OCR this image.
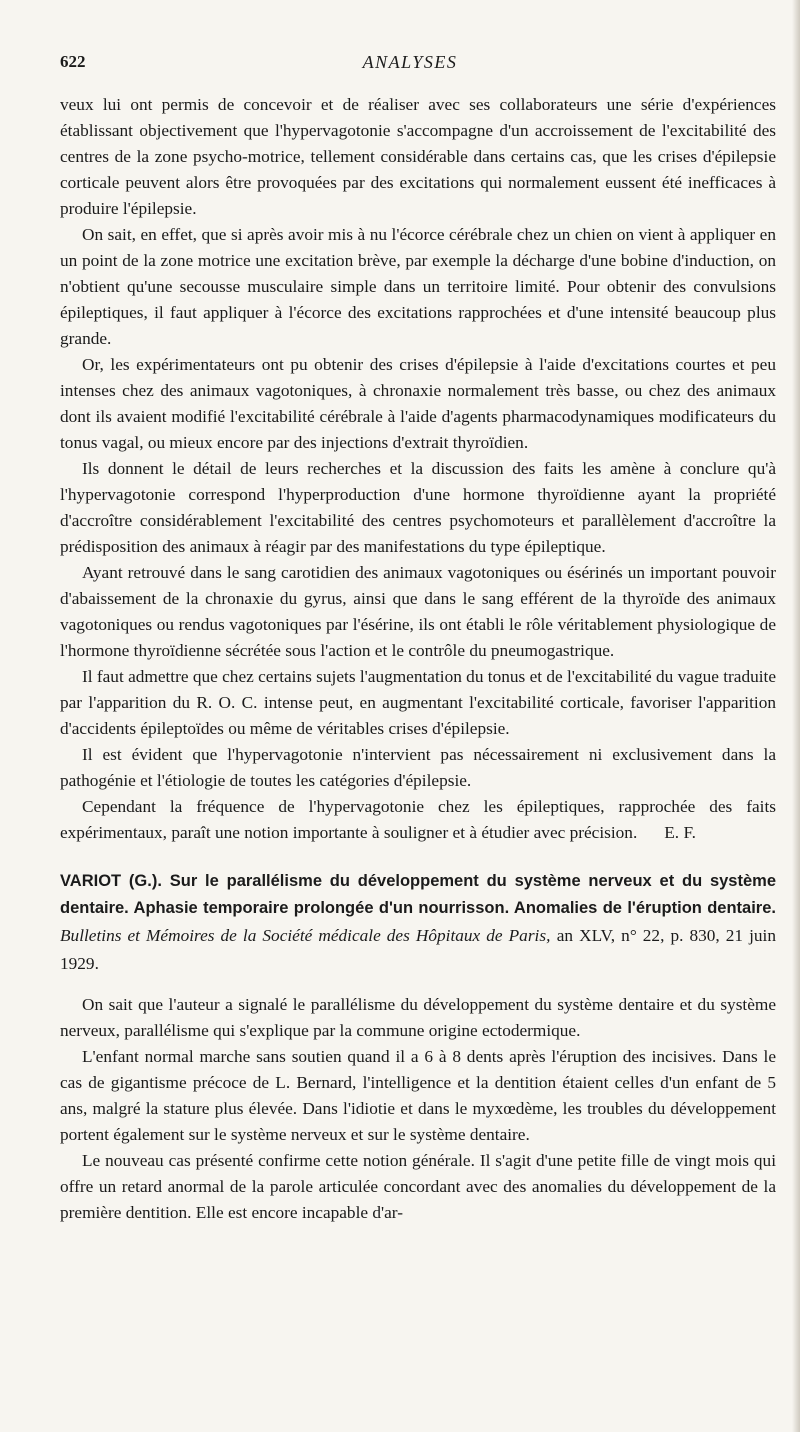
622	ANALYSES

veux lui ont permis de concevoir et de réaliser avec ses collaborateurs une série d'expériences établissant objectivement que l'hypervagotonie s'accompagne d'un accroissement de l'excitabilité des centres de la zone psycho-motrice, tellement considérable dans certains cas, que les crises d'épilepsie corticale peuvent alors être provoquées par des excitations qui normalement eussent été inefficaces à produire l'épilepsie.

On sait, en effet, que si après avoir mis à nu l'écorce cérébrale chez un chien on vient à appliquer en un point de la zone motrice une excitation brève, par exemple la décharge d'une bobine d'induction, on n'obtient qu'une secousse musculaire simple dans un territoire limité. Pour obtenir des convulsions épileptiques, il faut appliquer à l'écorce des excitations rapprochées et d'une intensité beaucoup plus grande.

Or, les expérimentateurs ont pu obtenir des crises d'épilepsie à l'aide d'excitations courtes et peu intenses chez des animaux vagotoniques, à chronaxie normalement très basse, ou chez des animaux dont ils avaient modifié l'excitabilité cérébrale à l'aide d'agents pharmacodynamiques modificateurs du tonus vagal, ou mieux encore par des injections d'extrait thyroïdien.

Ils donnent le détail de leurs recherches et la discussion des faits les amène à conclure qu'à l'hypervagotonie correspond l'hyperproduction d'une hormone thyroïdienne ayant la propriété d'accroître considérablement l'excitabilité des centres psychomoteurs et parallèlement d'accroître la prédisposition des animaux à réagir par des manifestations du type épileptique.

Ayant retrouvé dans le sang carotidien des animaux vagotoniques ou ésérinés un important pouvoir d'abaissement de la chronaxie du gyrus, ainsi que dans le sang efférent de la thyroïde des animaux vagotoniques ou rendus vagotoniques par l'ésérine, ils ont établi le rôle véritablement physiologique de l'hormone thyroïdienne sécrétée sous l'action et le contrôle du pneumogastrique.

Il faut admettre que chez certains sujets l'augmentation du tonus et de l'excitabilité du vague traduite par l'apparition du R. O. C. intense peut, en augmentant l'excitabilité corticale, favoriser l'apparition d'accidents épileptoïdes ou même de véritables crises d'épilepsie.

Il est évident que l'hypervagotonie n'intervient pas nécessairement ni exclusivement dans la pathogénie et l'étiologie de toutes les catégories d'épilepsie.

Cependant la fréquence de l'hypervagotonie chez les épileptiques, rapprochée des faits expérimentaux, paraît une notion importante à souligner et à étudier avec précision.	E. F.
VARIOT (G.). Sur le parallélisme du développement du système nerveux et du système dentaire. Aphasie temporaire prolongée d'un nourrisson. Anomalies de l'éruption dentaire. Bulletins et Mémoires de la Société médicale des Hôpitaux de Paris, an XLV, n° 22, p. 830, 21 juin 1929.

On sait que l'auteur a signalé le parallélisme du développement du système dentaire et du système nerveux, parallélisme qui s'explique par la commune origine ectodermique.

L'enfant normal marche sans soutien quand il a 6 à 8 dents après l'éruption des incisives. Dans le cas de gigantisme précoce de L. Bernard, l'intelligence et la dentition étaient celles d'un enfant de 5 ans, malgré la stature plus élevée. Dans l'idiotie et dans le myxœdème, les troubles du développement portent également sur le système nerveux et sur le système dentaire.

Le nouveau cas présenté confirme cette notion générale. Il s'agit d'une petite fille de vingt mois qui offre un retard anormal de la parole articulée concordant avec des anomalies du développement de la première dentition. Elle est encore incapable d'ar-
